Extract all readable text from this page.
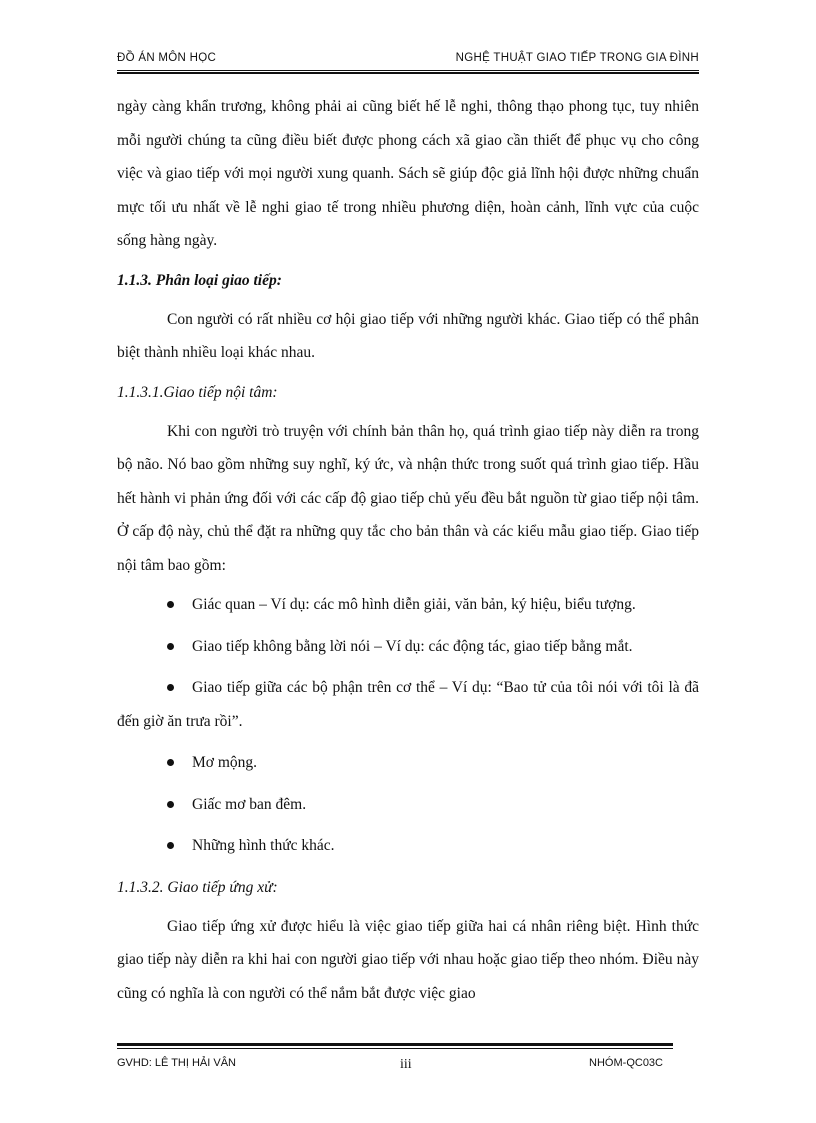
ĐỒ ÁN MÔN HỌC	NGHỆ THUẬT GIAO TIẾP TRONG GIA ĐÌNH

ngày càng khẩn trương, không phải ai cũng biết hế lễ nghi, thông thạo phong tục, tuy nhiên mỗi người chúng ta cũng điều biết được phong cách xã giao cần thiết để phục vụ cho công việc và giao tiếp với mọi người xung quanh. Sách sẽ giúp độc giả lĩnh hội được những chuẩn mực tối ưu nhất về lễ nghi giao tế trong nhiều phương diện, hoàn cảnh, lĩnh vực của cuộc sống hàng ngày.

1.1.3. Phân loại giao tiếp:

Con người có rất nhiều cơ hội giao tiếp với những người khác. Giao tiếp có thể phân biệt thành nhiều loại khác nhau.

1.1.3.1.Giao tiếp nội tâm:

Khi con người trò truyện với chính bản thân họ, quá trình giao tiếp này diễn ra trong bộ não. Nó bao gồm những suy nghĩ, ký ức, và nhận thức trong suốt quá trình giao tiếp. Hầu hết hành vi phản ứng đối với các cấp độ giao tiếp chủ yếu đều bắt nguồn từ giao tiếp nội tâm. Ở cấp độ này, chủ thể đặt ra những quy tắc cho bản thân và các kiểu mẫu giao tiếp. Giao tiếp nội tâm bao gồm:

Giác quan – Ví dụ: các mô hình diễn giải, văn bản, ký hiệu, biểu tượng.
Giao tiếp không bằng lời nói – Ví dụ: các động tác, giao tiếp bằng mắt.
Giao tiếp giữa các bộ phận trên cơ thể – Ví dụ: “Bao tử của tôi nói với tôi là đã đến giờ ăn trưa rồi”.
Mơ mộng.
Giấc mơ ban đêm.
Những hình thức khác.

1.1.3.2. Giao tiếp ứng xử:

Giao tiếp ứng xử được hiểu là việc giao tiếp giữa hai cá nhân riêng biệt. Hình thức giao tiếp này diễn ra khi hai con người giao tiếp với nhau hoặc giao tiếp theo nhóm. Điều này cũng có nghĩa là con người có thể nắm bắt được việc giao

GVHD: LÊ THỊ HẢI VÂN	iii	NHÓM-QC03C
